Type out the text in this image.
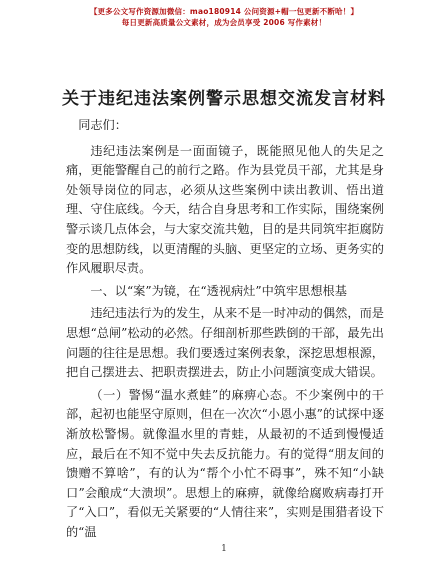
【更多公文写作资源加微信：mao180914 公问资源+帽一包更新不断哈！】
每日更新高质量公文素材，成为会员享受 2006 写作素材！
关于违纪违法案例警示思想交流发言材料

同志们：

违纪违法案例是一面面镜子，既能照见他人的失足之痛，更能警醒自己的前行之路。作为县党员干部，尤其是身处领导岗位的同志，必须从这些案例中读出教训、悟出道理、守住底线。今天，结合自身思考和工作实际，围绕案例警示谈几点体会，与大家交流共勉，目的是共同筑牢拒腐防变的思想防线，以更清醒的头脑、更坚定的立场、更务实的作风履职尽责。

一、以“案”为镜，在“透视病灶”中筑牢思想根基

违纪违法行为的发生，从来不是一时冲动的偶然，而是思想“总闸”松动的必然。仔细剖析那些跌倒的干部，最先出问题的往往是思想。我们要透过案例表象，深挖思想根源，把自己摆进去、把职责摆进去，防止小问题演变成大错误。

（一）警惕“温水煮蛙”的麻痹心态。不少案例中的干部，起初也能坚守原则，但在一次次“小恩小惠”的试探中逐渐放松警惕。就像温水里的青蛙，从最初的不适到慢慢适应，最后在不知不觉中失去反抗能力。有的觉得“朋友间的馈赠不算啥”，有的认为“帮个小忙不碍事”，殊不知“小缺口”会酿成“大溃坝”。思想上的麻痹，就像给腐败病毒打开了“入口”，看似无关紧要的“人情往来”，实则是围猎者设下的“温

1
